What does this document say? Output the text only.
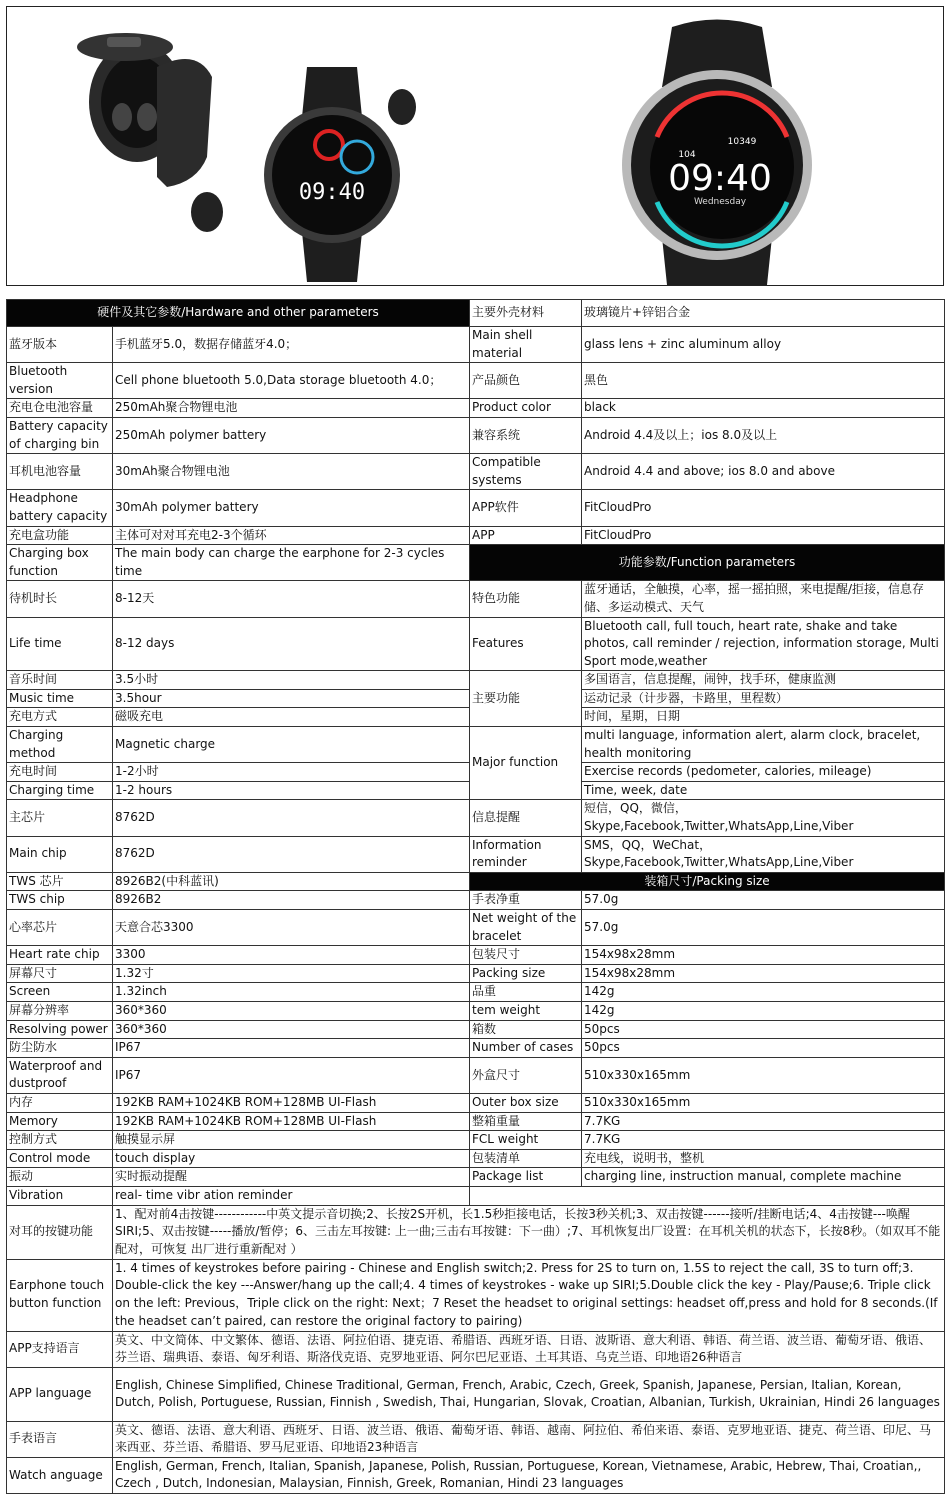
09:40
10349
104
09:40
Wednesday
硬件及其它参数/Hardware and other parameters		主要外壳材料	玻璃镜片+锌铝合金
蓝牙版本	手机蓝牙5.0，数据存储蓝牙4.0；	Main shell material	glass lens + zinc aluminum alloy
Bluetooth version	Cell phone bluetooth 5.0,Data storage bluetooth 4.0；	产品颜色	黑色
充电仓电池容量	250mAh聚合物锂电池	Product color	black
Battery capacity of charging bin	250mAh polymer battery	兼容系统	Android 4.4及以上；ios 8.0及以上
耳机电池容量	30mAh聚合物锂电池	Compatible systems	Android 4.4 and above; ios 8.0 and above
Headphone battery capacity	30mAh polymer battery	APP软件	FitCloudPro
充电盒功能	主体可对对耳充电2-3个循环	APP	FitCloudPro
Charging box function	The main body can charge the earphone for 2-3 cycles time	功能参数/Function parameters	
待机时长	8-12天	特色功能	蓝牙通话，全触摸，心率，摇一摇拍照，来电提醒/拒接，信息存储、多运动模式、天气
Life time	8-12 days	Features	Bluetooth call, full touch, heart rate, shake and take photos, call reminder / rejection, information storage, Multi Sport mode,weather
音乐时间	3.5小时	主要功能	多国语言，信息提醒，闹钟，找手环，健康监测
Music time	3.5hour		运动记录（计步器，卡路里，里程数）
充电方式	磁吸充电		时间，星期，日期
Charging method	Magnetic charge	Major function	multi language, information alert, alarm clock, bracelet, health monitoring
充电时间	1-2小时		Exercise records (pedometer, calories, mileage)
Charging time	1-2 hours		Time, week, date
主芯片	8762D	信息提醒	短信，QQ，微信，Skype,Facebook,Twitter,WhatsApp,Line,Viber
Main chip	8762D	Information reminder	SMS，QQ，WeChat，Skype,Facebook,Twitter,WhatsApp,Line,Viber
TWS 芯片	8926B2(中科蓝讯)	装箱尺寸/Packing size	
TWS chip	8926B2	手表净重	57.0g
心率芯片	天意合芯3300	Net weight of the bracelet	57.0g
Heart rate chip	3300	包装尺寸	154x98x28mm
屏幕尺寸	1.32寸	Packing size	154x98x28mm
Screen	1.32inch	品重	142g
屏幕分辨率	360*360	tem weight	142g
Resolving power	360*360	箱数	50pcs
防尘防水	IP67	Number of cases	50pcs
Waterproof and dustproof	IP67	外盒尺寸	510x330x165mm
内存	192KB RAM+1024KB ROM+128MB UI-Flash	Outer box size	510x330x165mm
Memory	192KB RAM+1024KB ROM+128MB UI-Flash	整箱重量	7.7KG
控制方式	触摸显示屏	FCL weight	7.7KG
Control mode	touch display	包装清单	充电线，说明书，整机
振动	实时振动提醒	Package list	charging line, instruction manual, complete machine
Vibration	real- time vibr ation reminder		
对耳的按键功能	1、配对前4击按键------------中英文提示音切换;2、长按2S开机，长1.5秒拒接电话，长按3秒关机;3、双击按键------接听/挂断电话;4、4击按键---唤醒SIRI;5、双击按键-----播放/暂停；6、三击左耳按键: 上一曲;三击右耳按键：下一曲）;7、耳机恢复出厂设置：在耳机关机的状态下，长按8秒。（如双耳不能配对，可恢复 出厂进行重新配对 ）		
Earphone touch button function	1. 4 times of keystrokes before pairing - Chinese and English switch;2. Press for 2S to turn on, 1.5S to reject the call, 3S to turn off;3. Double-click the key ---Answer/hang up the call;4. 4 times of keystrokes - wake up SIRI;5.Double click the key - Play/Pause;6. Triple click on the left: Previous，Triple click on the right: Next；7 Reset the headset to original settings: headset off,press and hold for 8 seconds.(If the headset can’t paired, can restore the original factory to pairing)		
APP支持语言	英文、中文简体、中文繁体、德语、法语、阿拉伯语、捷克语、希腊语、西班牙语、日语、波斯语、意大利语、韩语、荷兰语、波兰语、葡萄牙语、俄语、芬兰语、瑞典语、泰语、匈牙利语、斯洛伐克语、克罗地亚语、阿尔巴尼亚语、土耳其语、乌克兰语、印地语26种语言		
APP language	English, Chinese Simplified, Chinese Traditional, German, French, Arabic, Czech, Greek, Spanish, Japanese, Persian, Italian, Korean, Dutch, Polish, Portuguese, Russian, Finnish , Swedish, Thai, Hungarian, Slovak, Croatian, Albanian, Turkish, Ukrainian, Hindi 26 languages		
手表语言	英文、德语、法语、意大利语、西班牙、日语、波兰语、俄语、葡萄牙语、韩语、越南、阿拉伯、希伯来语、泰语、克罗地亚语、捷克、荷兰语、印尼、马来西亚、芬兰语、希腊语、罗马尼亚语、印地语23种语言		
Watch anguage	English, German, French, Italian, Spanish, Japanese, Polish, Russian, Portuguese, Korean, Vietnamese, Arabic, Hebrew, Thai, Croatian,, Czech , Dutch, Indonesian, Malaysian, Finnish, Greek, Romanian, Hindi 23 languages		
